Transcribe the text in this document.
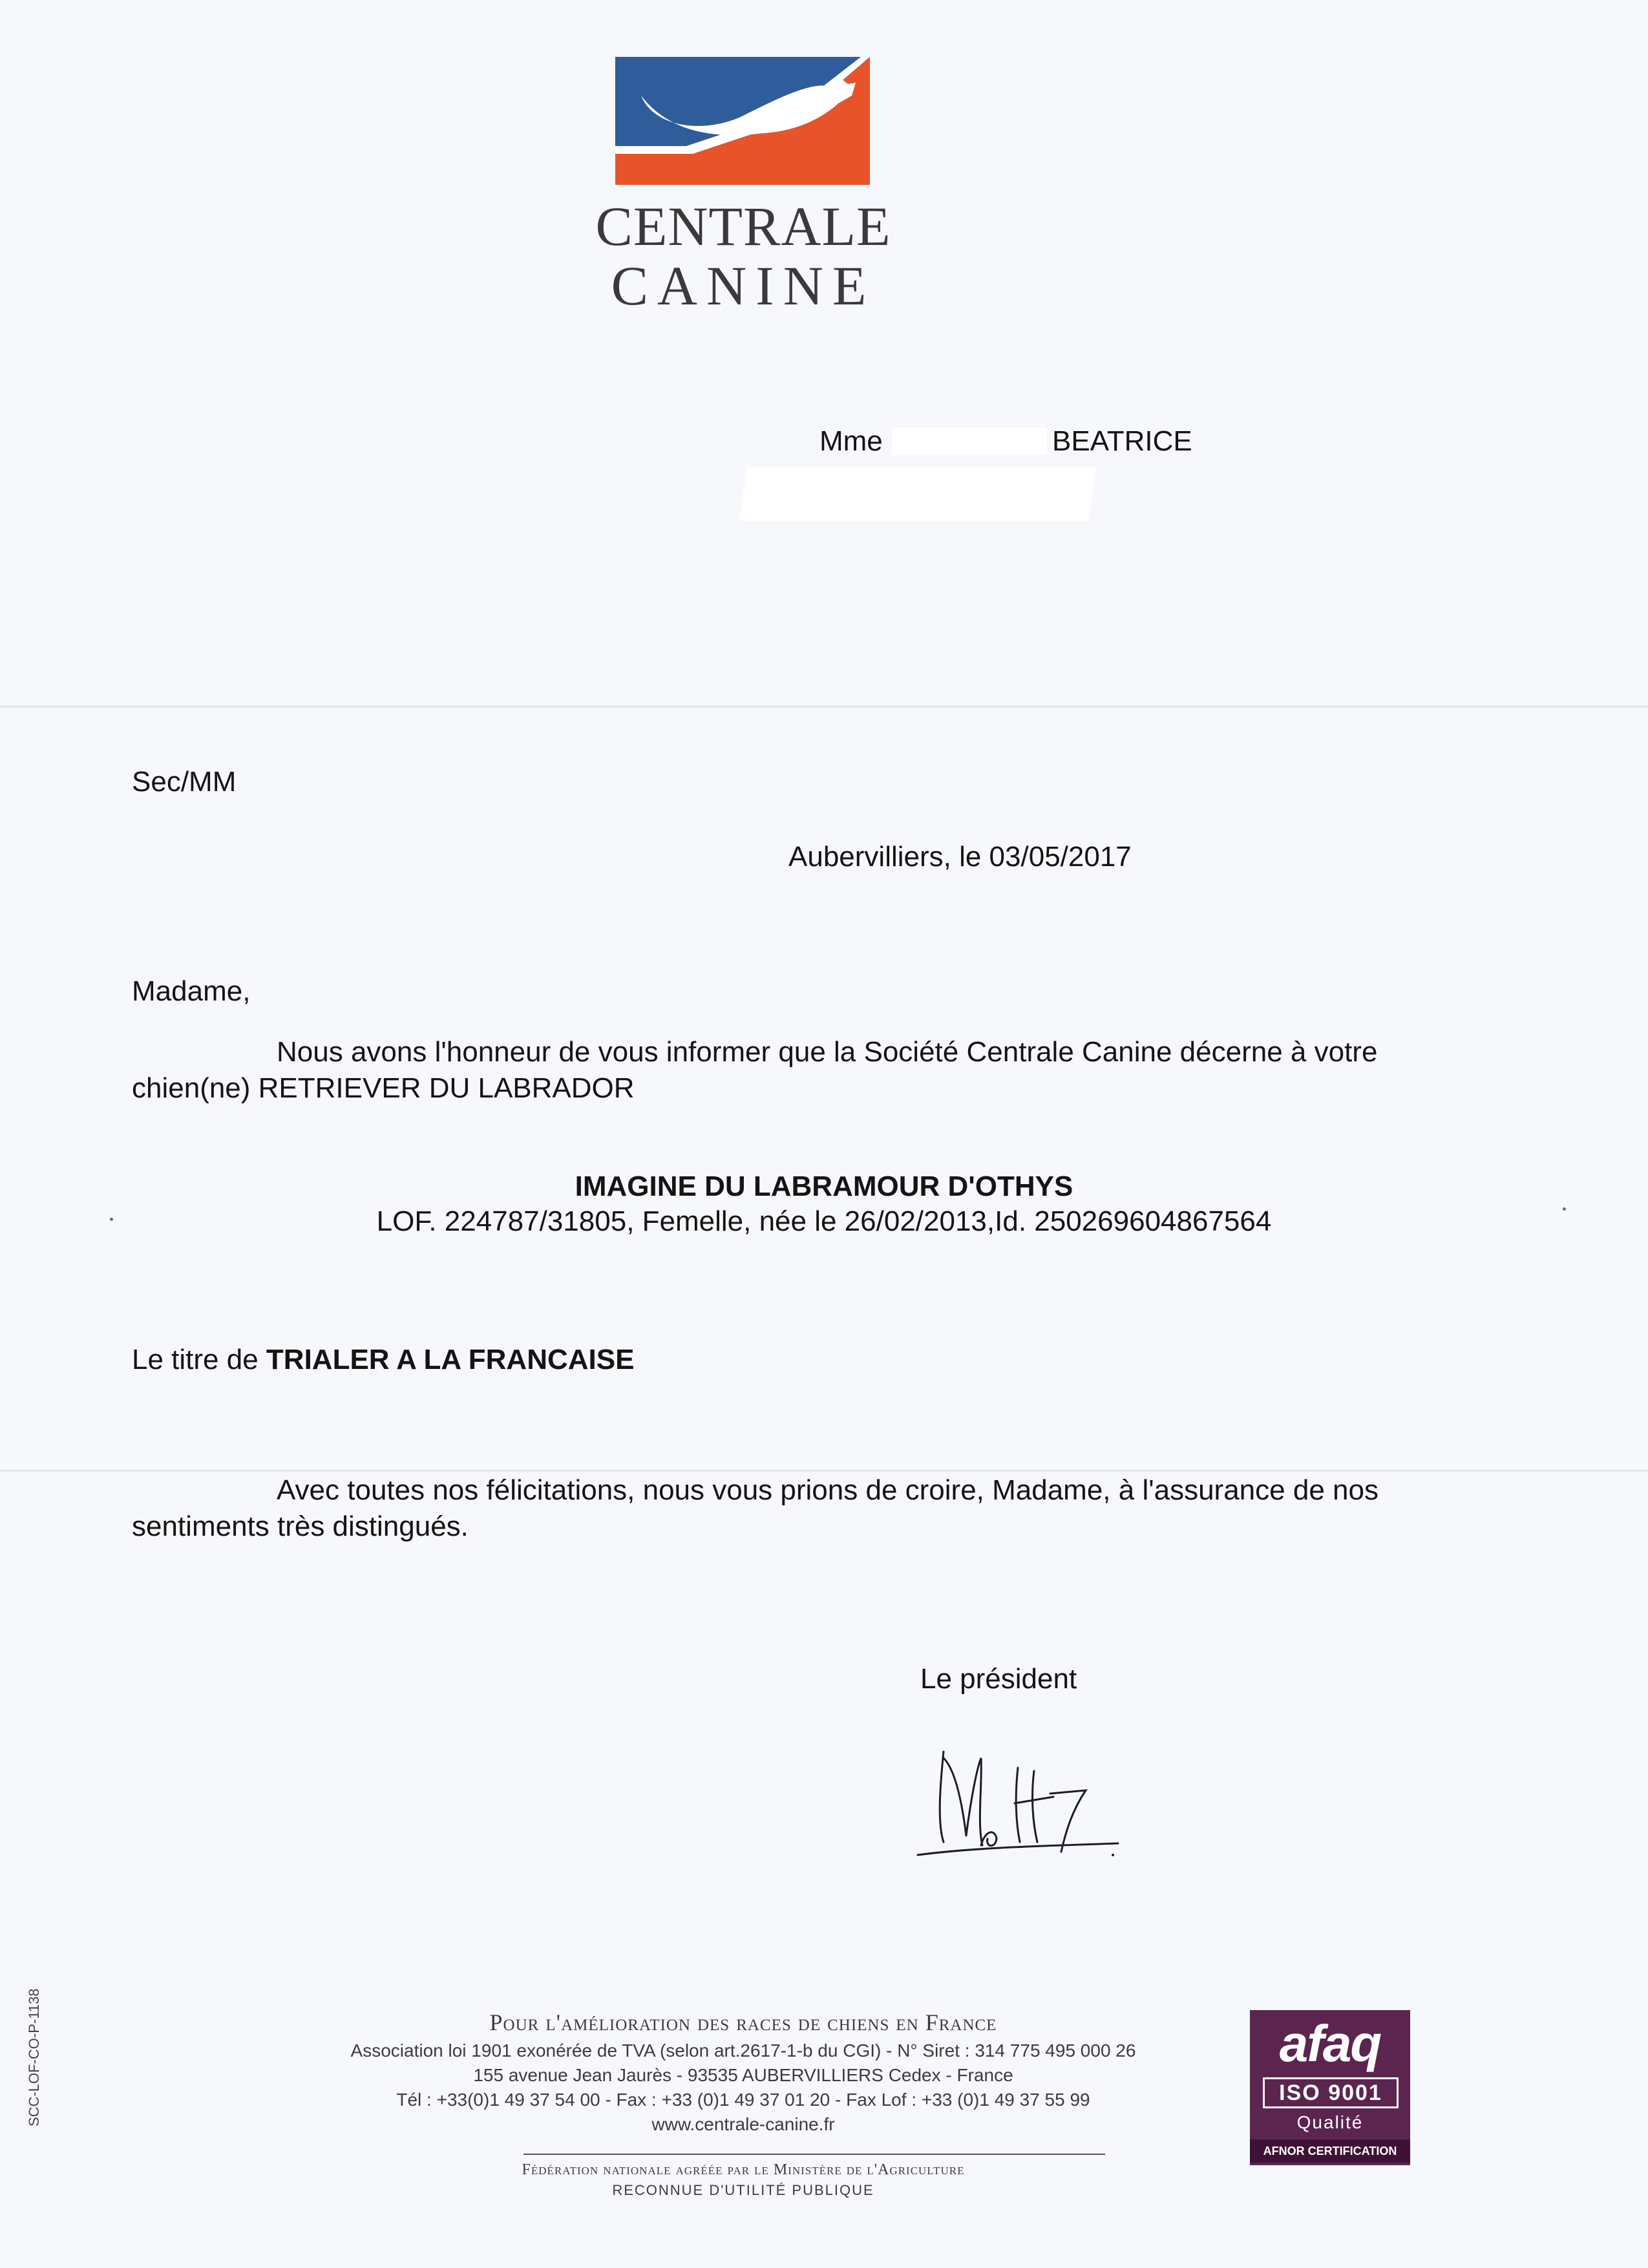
CENTRALE
CANINE
Mme	BEATRICE
Sec/MM
Aubervilliers, le 03/05/2017
Madame,
Nous avons l'honneur de vous informer que la Société Centrale Canine décerne à votre chien(ne) RETRIEVER DU LABRADOR
IMAGINE DU LABRAMOUR D'OTHYS
LOF. 224787/31805, Femelle, née le 26/02/2013,Id. 250269604867564
Le titre de TRIALER A LA FRANCAISE
Avec toutes nos félicitations, nous vous prions de croire, Madame, à l'assurance de nos sentiments très distingués.
Le président
Pour l'amélioration des races de chiens en France
Association loi 1901 exonérée de TVA (selon art.2617-1-b du CGI) - N° Siret : 314 775 495 000 26
155 avenue Jean Jaurès - 93535 AUBERVILLIERS Cedex - France
Tél : +33(0)1 49 37 54 00 - Fax : +33 (0)1 49 37 01 20 - Fax Lof : +33 (0)1 49 37 55 99
www.centrale-canine.fr
Fédération nationale agréée par le Ministère de l'Agriculture
RECONNUE D'UTILITÉ PUBLIQUE
afaq
ISO 9001
Qualité
AFNOR CERTIFICATION
SCC-LOF-CO-P-1138
